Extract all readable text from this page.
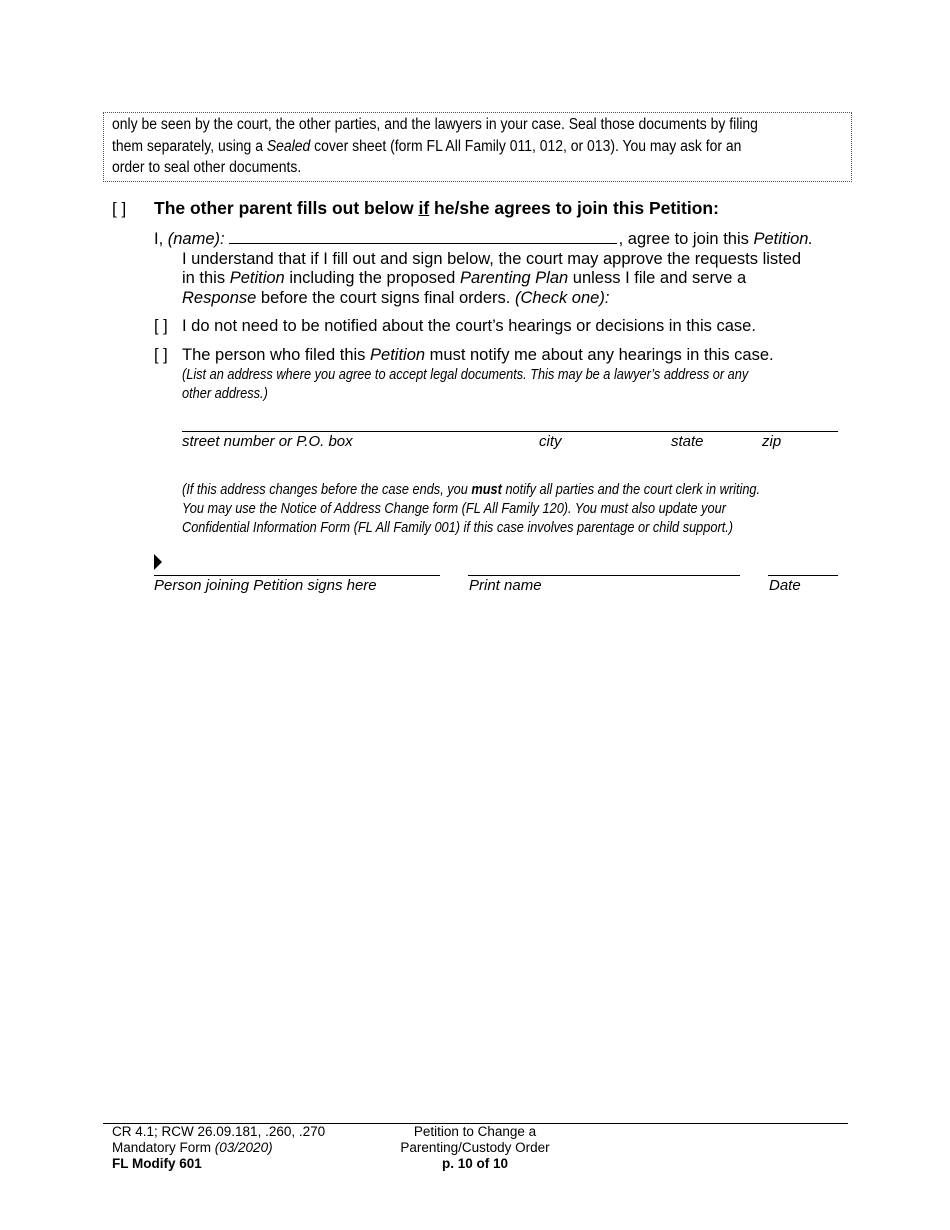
only be seen by the court, the other parties, and the lawyers in your case. Seal those documents by filing
them separately, using a Sealed cover sheet (form FL All Family 011, 012, or 013). You may ask for an
order to seal other documents.
[ ] The other parent fills out below if he/she agrees to join this Petition:
I, (name):	, agree to join this Petition.
I understand that if I fill out and sign below, the court may approve the requests listed
in this Petition including the proposed Parenting Plan unless I file and serve a
Response before the court signs final orders. (Check one):
[ ] I do not need to be notified about the court’s hearings or decisions in this case.
[ ] The person who filed this Petition must notify me about any hearings in this case.
(List an address where you agree to accept legal documents. This may be a lawyer’s address or any
other address.)
street number or P.O. box	city	state	zip
(If this address changes before the case ends, you must notify all parties and the court clerk in writing.
You may use the Notice of Address Change form (FL All Family 120). You must also update your
Confidential Information Form (FL All Family 001) if this case involves parentage or child support.)
Person joining Petition signs here	Print name	Date
CR 4.1; RCW 26.09.181, .260, .270
Mandatory Form (03/2020)
FL Modify 601
Petition to Change a
Parenting/Custody Order
p. 10 of 10
